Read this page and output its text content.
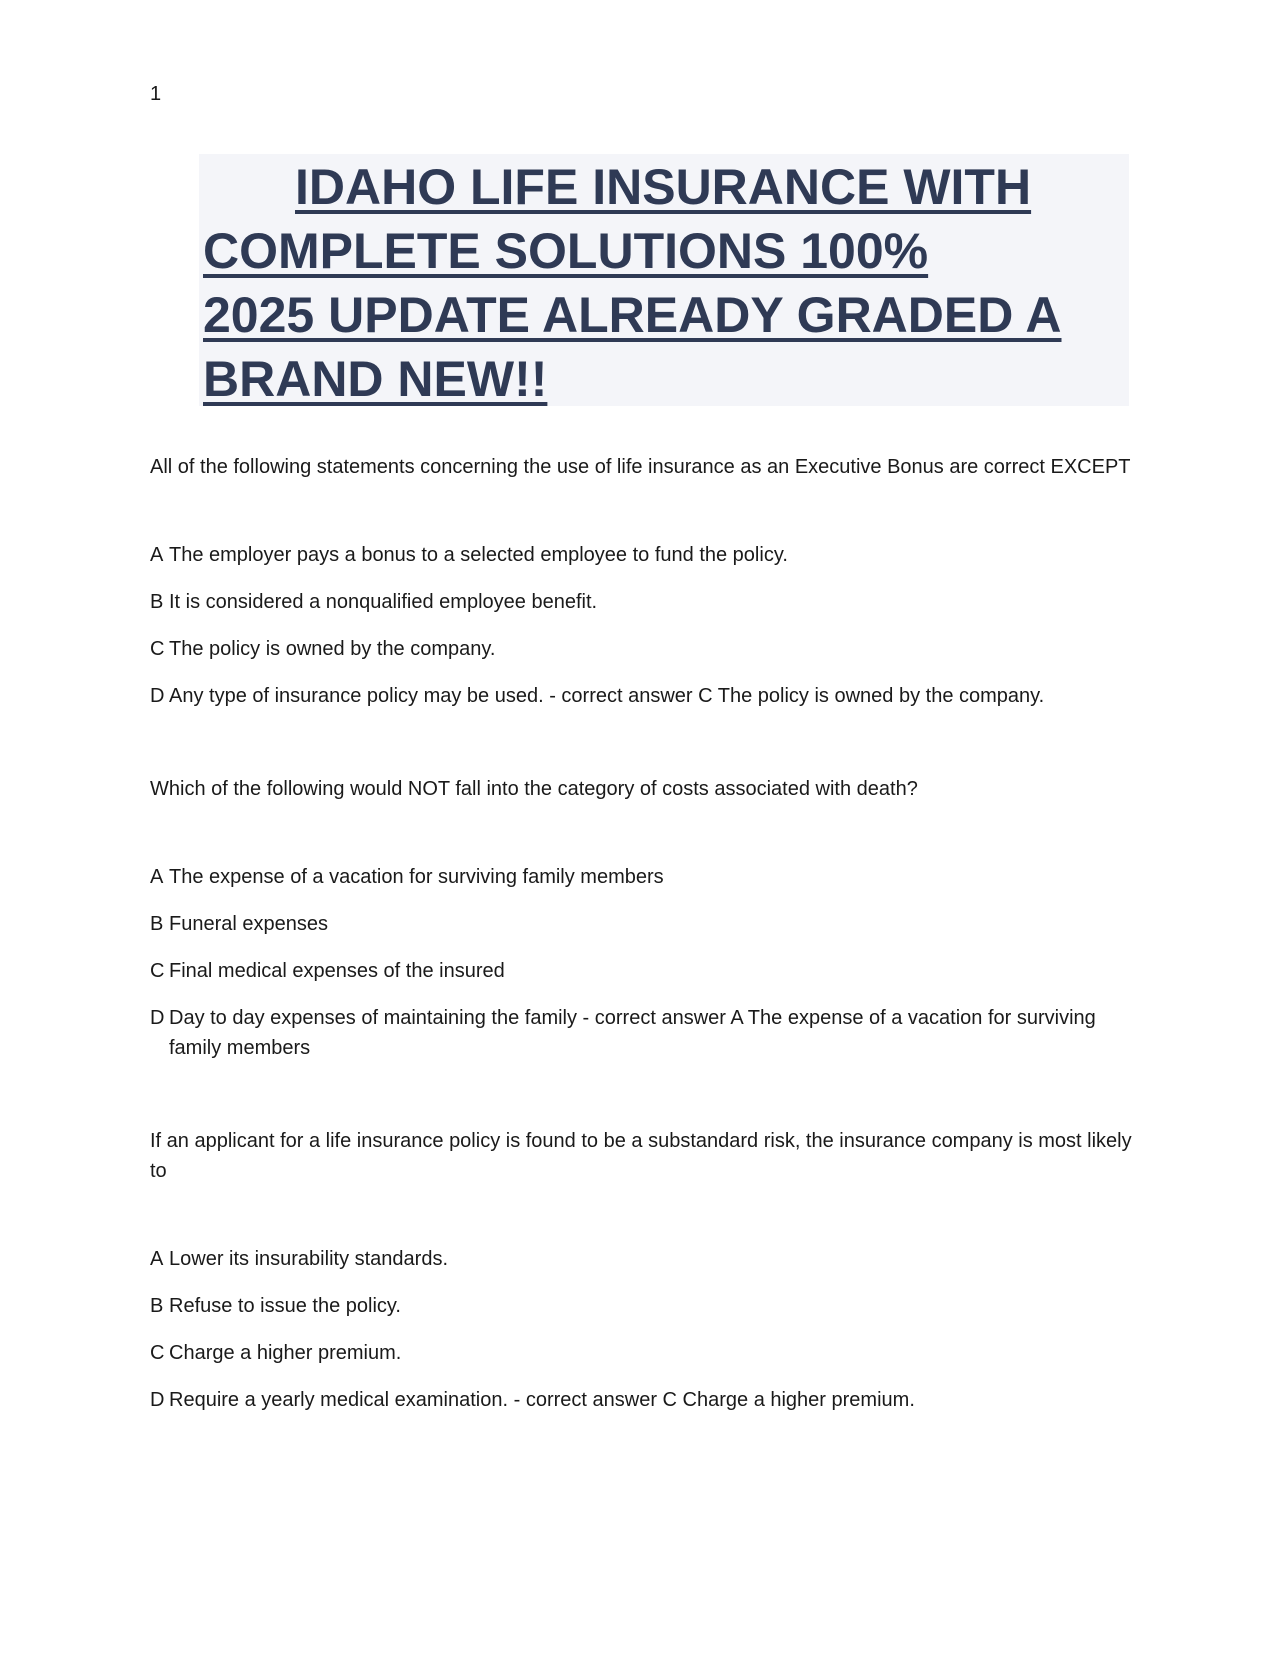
1
IDAHO LIFE INSURANCE WITH
COMPLETE SOLUTIONS 100%
2025 UPDATE ALREADY GRADED A
BRAND NEW!!

All of the following statements concerning the use of life insurance as an Executive Bonus are correct EXCEPT

A The employer pays a bonus to a selected employee to fund the policy.
B It is considered a nonqualified employee benefit.
C The policy is owned by the company.
D Any type of insurance policy may be used. - correct answer C The policy is owned by the company.

Which of the following would NOT fall into the category of costs associated with death?

A The expense of a vacation for surviving family members
B Funeral expenses
C Final medical expenses of the insured
D Day to day expenses of maintaining the family - correct answer A The expense of a vacation for surviving family members

If an applicant for a life insurance policy is found to be a substandard risk, the insurance company is most likely to

A Lower its insurability standards.
B Refuse to issue the policy.
C Charge a higher premium.
D Require a yearly medical examination. - correct answer C Charge a higher premium.
